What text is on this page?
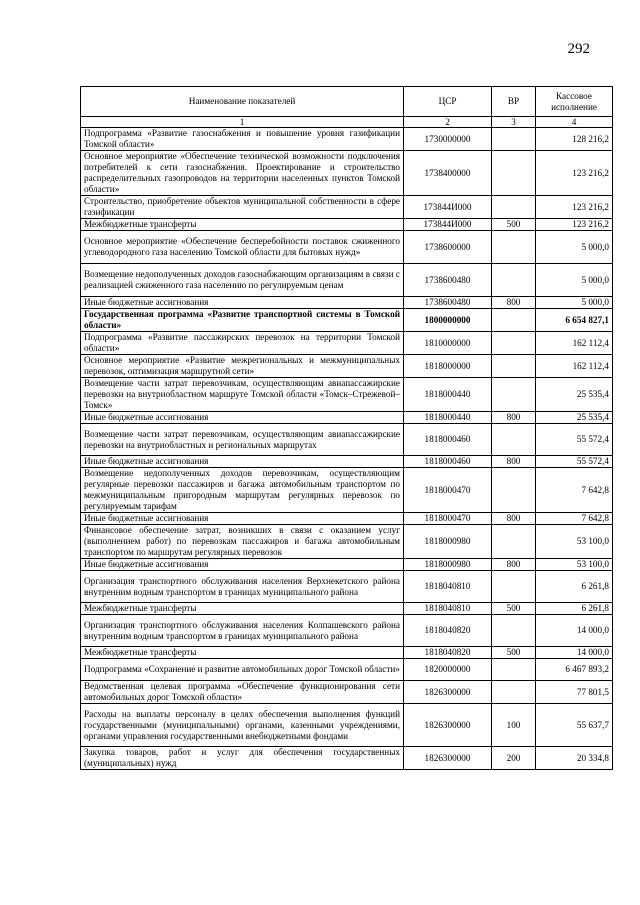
292
Наименование показателей	ЦСР	ВР	Кассовое исполнение
1	2	3	4
Подпрограмма «Развитие газоснабжения и повышение уровня газификации Томской области»	1730000000		128 216,2
Основное мероприятие «Обеспечение технической возможности подключения потребителей к сети газоснабжения. Проектирование и строительство распределительных газопроводов на территории населенных пунктов Томской области»	1738400000		123 216,2
Строительство, приобретение объектов муниципальной собственности в сфере газификации	173844И000		123 216,2
Межбюджетные трансферты	173844И000	500	123 216,2
Основное мероприятие «Обеспечение бесперебойности поставок сжиженного углеводородного газа населению Томской области для бытовых нужд»	1738600000		5 000,0
Возмещение недополученных доходов газоснабжающим организациям в связи с реализацией сжиженного газа населению по регулируемым ценам	1738600480		5 000,0
Иные бюджетные ассигнования	1738600480	800	5 000,0
Государственная программа «Развитие транспортной системы в Томской области»	1800000000		6 654 827,1
Подпрограмма «Развитие пассажирских перевозок на территории Томской области»	1810000000		162 112,4
Основное мероприятие «Развитие межрегиональных и межмуниципальных перевозок, оптимизация маршрутной сети»	1818000000		162 112,4
Возмещение части затрат перевозчикам, осуществляющим авиапассажирские перевозки на внутриобластном маршруте Томской области «Томск–Стрежевой–Томск»	1818000440		25 535,4
Иные бюджетные ассигнования	1818000440	800	25 535,4
Возмещение части затрат перевозчикам, осуществляющим авиапассажирские перевозки на внутриобластных и региональных маршрутах	1818000460		55 572,4
Иные бюджетные ассигнования	1818000460	800	55 572,4
Возмещение недополученных доходов перевозчикам, осуществляющим регулярные перевозки пассажиров и багажа автомобильным транспортом по межмуниципальным пригородным маршрутам регулярных перевозок по регулируемым тарифам	1818000470		7 642,8
Иные бюджетные ассигнования	1818000470	800	7 642,8
Финансовое обеспечение затрат, возникших в связи с оказанием услуг (выполнением работ) по перевозкам пассажиров и багажа автомобильным транспортом по маршрутам регулярных перевозок	1818000980		53 100,0
Иные бюджетные ассигнования	1818000980	800	53 100,0
Организация транспортного обслуживания населения Верхнекетского района внутренним водным транспортом в границах муниципального района	1818040810		6 261,8
Межбюджетные трансферты	1818040810	500	6 261,8
Организация транспортного обслуживания населения Колпашевского района внутренним водным транспортом в границах муниципального района	1818040820		14 000,0
Межбюджетные трансферты	1818040820	500	14 000,0
Подпрограмма «Сохранение и развитие автомобильных дорог Томской области»	1820000000		6 467 893,2
Ведомственная целевая программа «Обеспечение функционирования сети автомобильных дорог Томской области»	1826300000		77 801,5
Расходы на выплаты персоналу в целях обеспечения выполнения функций государственными (муниципальными) органами, казенными учреждениями, органами управления государственными внебюджетными фондами	1826300000	100	55 637,7
Закупка товаров, работ и услуг для обеспечения государственных (муниципальных) нужд	1826300000	200	20 334,8
